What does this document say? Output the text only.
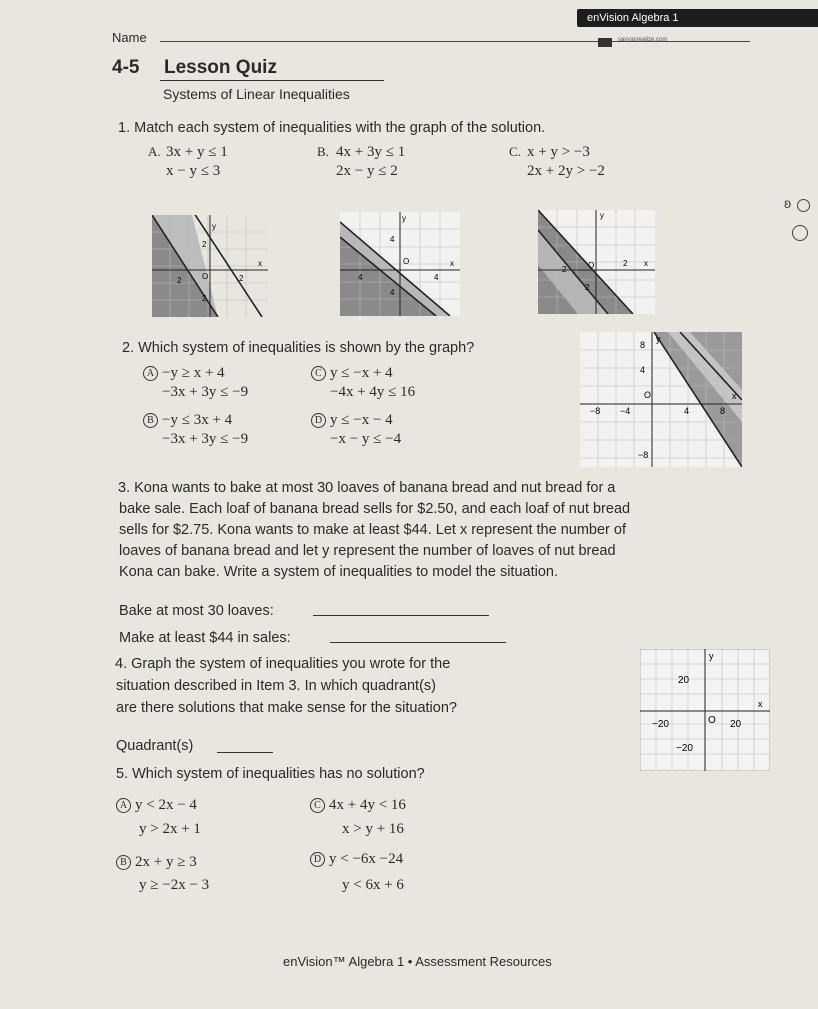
Name
enVision Algebra 1
savvasrealize.com
4-5 Lesson Quiz
Systems of Linear Inequalities
1. Match each system of inequalities with the graph of the solution.
A. 3x + y ≤ 1
x − y ≤ 3
B. 4x + 3y ≤ 1
2x − y ≤ 2
C. x + y > −3
2x + 2y > −2
ʚ
y
x
2
2	O	2
2
y
x
4
O
4	4
4
y
x
2	O	2
2
2. Which system of inequalities is shown by the graph?
A −y ≥ x + 4
−3x + 3y ≤ −9
B −y ≤ 3x + 4
−3x + 3y ≤ −9
C y ≤ −x + 4
−4x + 4y ≤ 16
D y ≤ −x − 4
−x − y ≤ −4
y
x
8
4
O
−8 −4	4	8
−8
3. Kona wants to bake at most 30 loaves of banana bread and nut bread for a
bake sale. Each loaf of banana bread sells for $2.50, and each loaf of nut bread
sells for $2.75. Kona wants to make at least $44. Let x represent the number of
loaves of banana bread and let y represent the number of loaves of nut bread
Kona can bake. Write a system of inequalities to model the situation.
Bake at most 30 loaves:
Make at least $44 in sales:
4. Graph the system of inequalities you wrote for the
situation described in Item 3. In which quadrant(s)
are there solutions that make sense for the situation?
Quadrant(s)
y
x
20
O
−20	20
−20
5. Which system of inequalities has no solution?
A y < 2x − 4
y > 2x + 1
B 2x + y ≥ 3
y ≥ −2x − 3
C 4x + 4y < 16
x > y + 16
D y < −6x −24
y < 6x + 6
enVision™ Algebra 1 • Assessment Resources
